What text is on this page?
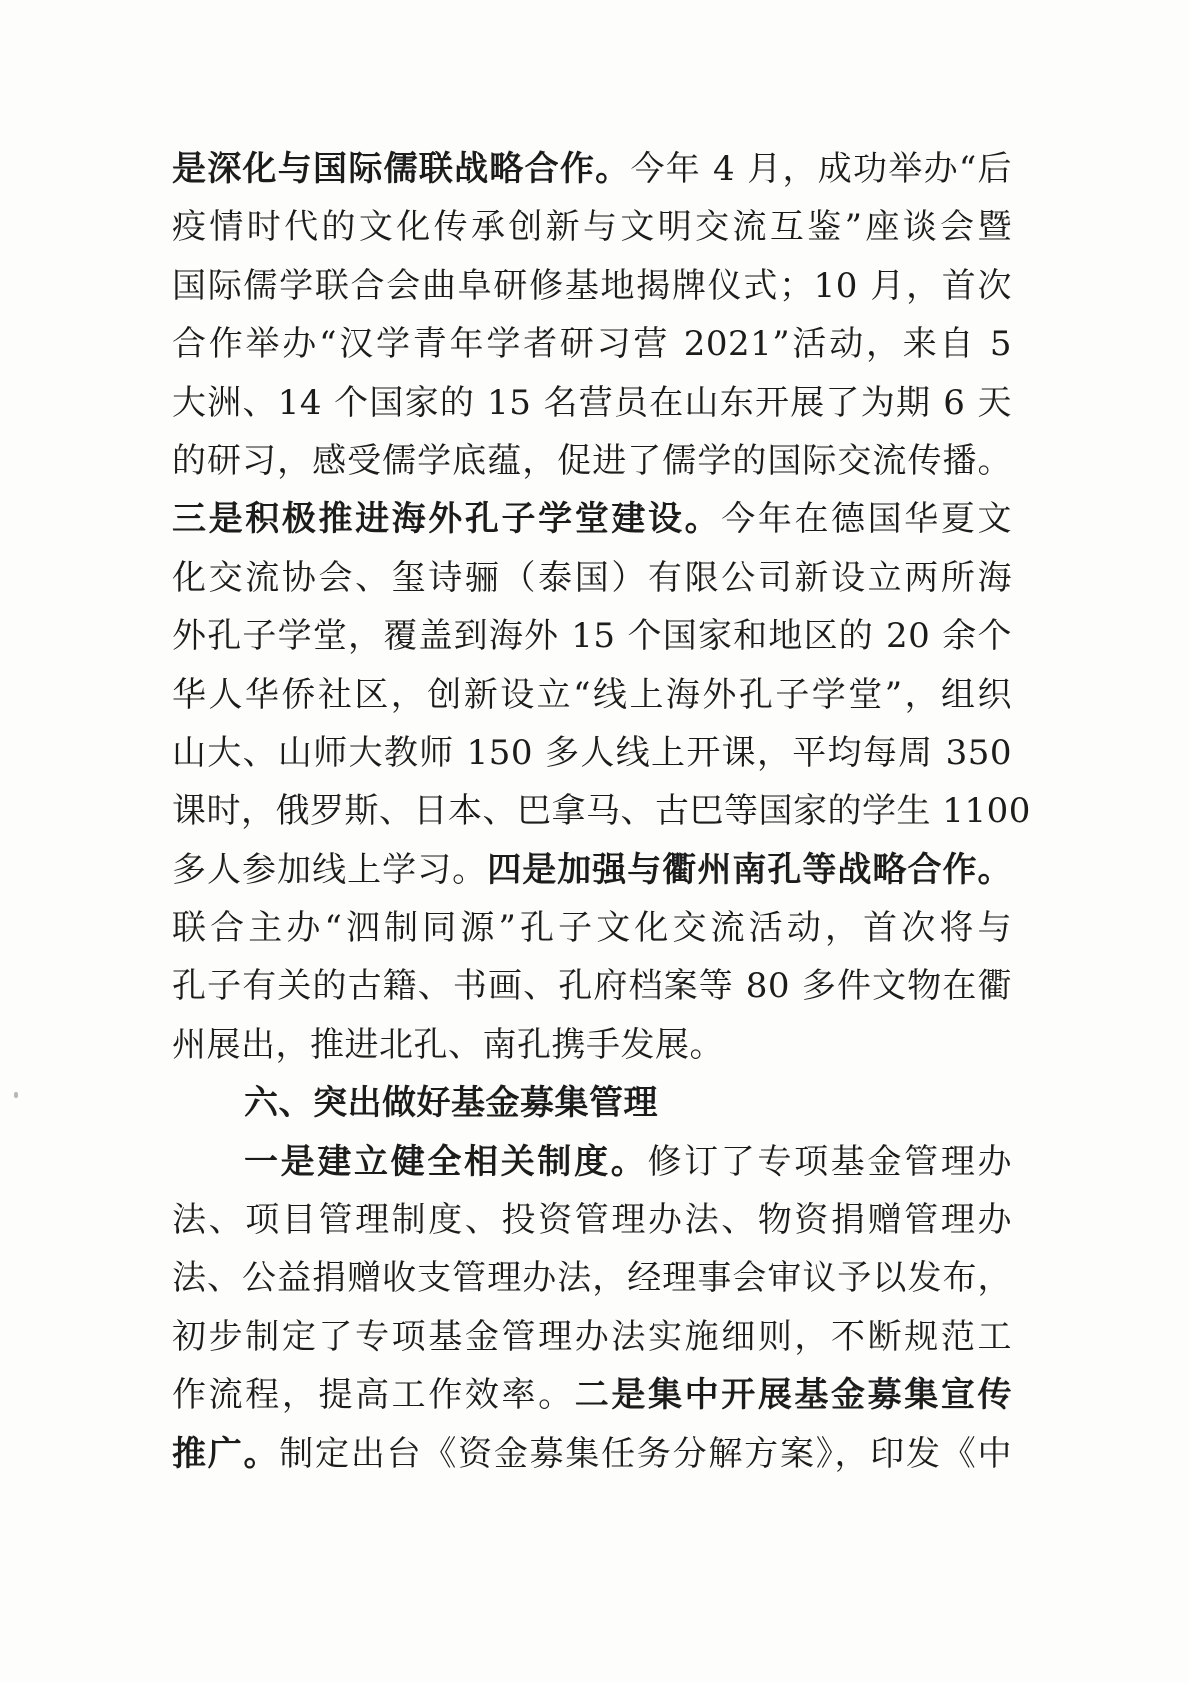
是深化与国际儒联战略合作。今年 4 月，成功举办“后
疫情时代的文化传承创新与文明交流互鉴”座谈会暨
国际儒学联合会曲阜研修基地揭牌仪式；10 月，首次
合作举办“汉学青年学者研习营 2021”活动，来自 5
大洲、14 个国家的 15 名营员在山东开展了为期 6 天
的研习，感受儒学底蕴，促进了儒学的国际交流传播。
三是积极推进海外孔子学堂建设。今年在德国华夏文
化交流协会、玺诗骊（泰国）有限公司新设立两所海
外孔子学堂，覆盖到海外 15 个国家和地区的 20 余个
华人华侨社区，创新设立“线上海外孔子学堂”，组织
山大、山师大教师 150 多人线上开课，平均每周 350
课时，俄罗斯、日本、巴拿马、古巴等国家的学生 1100
多人参加线上学习。四是加强与衢州南孔等战略合作。
联合主办“泗制同源”孔子文化交流活动，首次将与
孔子有关的古籍、书画、孔府档案等 80 多件文物在衢
州展出，推进北孔、南孔携手发展。
六、突出做好基金募集管理
一是建立健全相关制度。修订了专项基金管理办
法、项目管理制度、投资管理办法、物资捐赠管理办
法、公益捐赠收支管理办法，经理事会审议予以发布，
初步制定了专项基金管理办法实施细则，不断规范工
作流程，提高工作效率。二是集中开展基金募集宣传
推广。制定出台《资金募集任务分解方案》，印发《中
